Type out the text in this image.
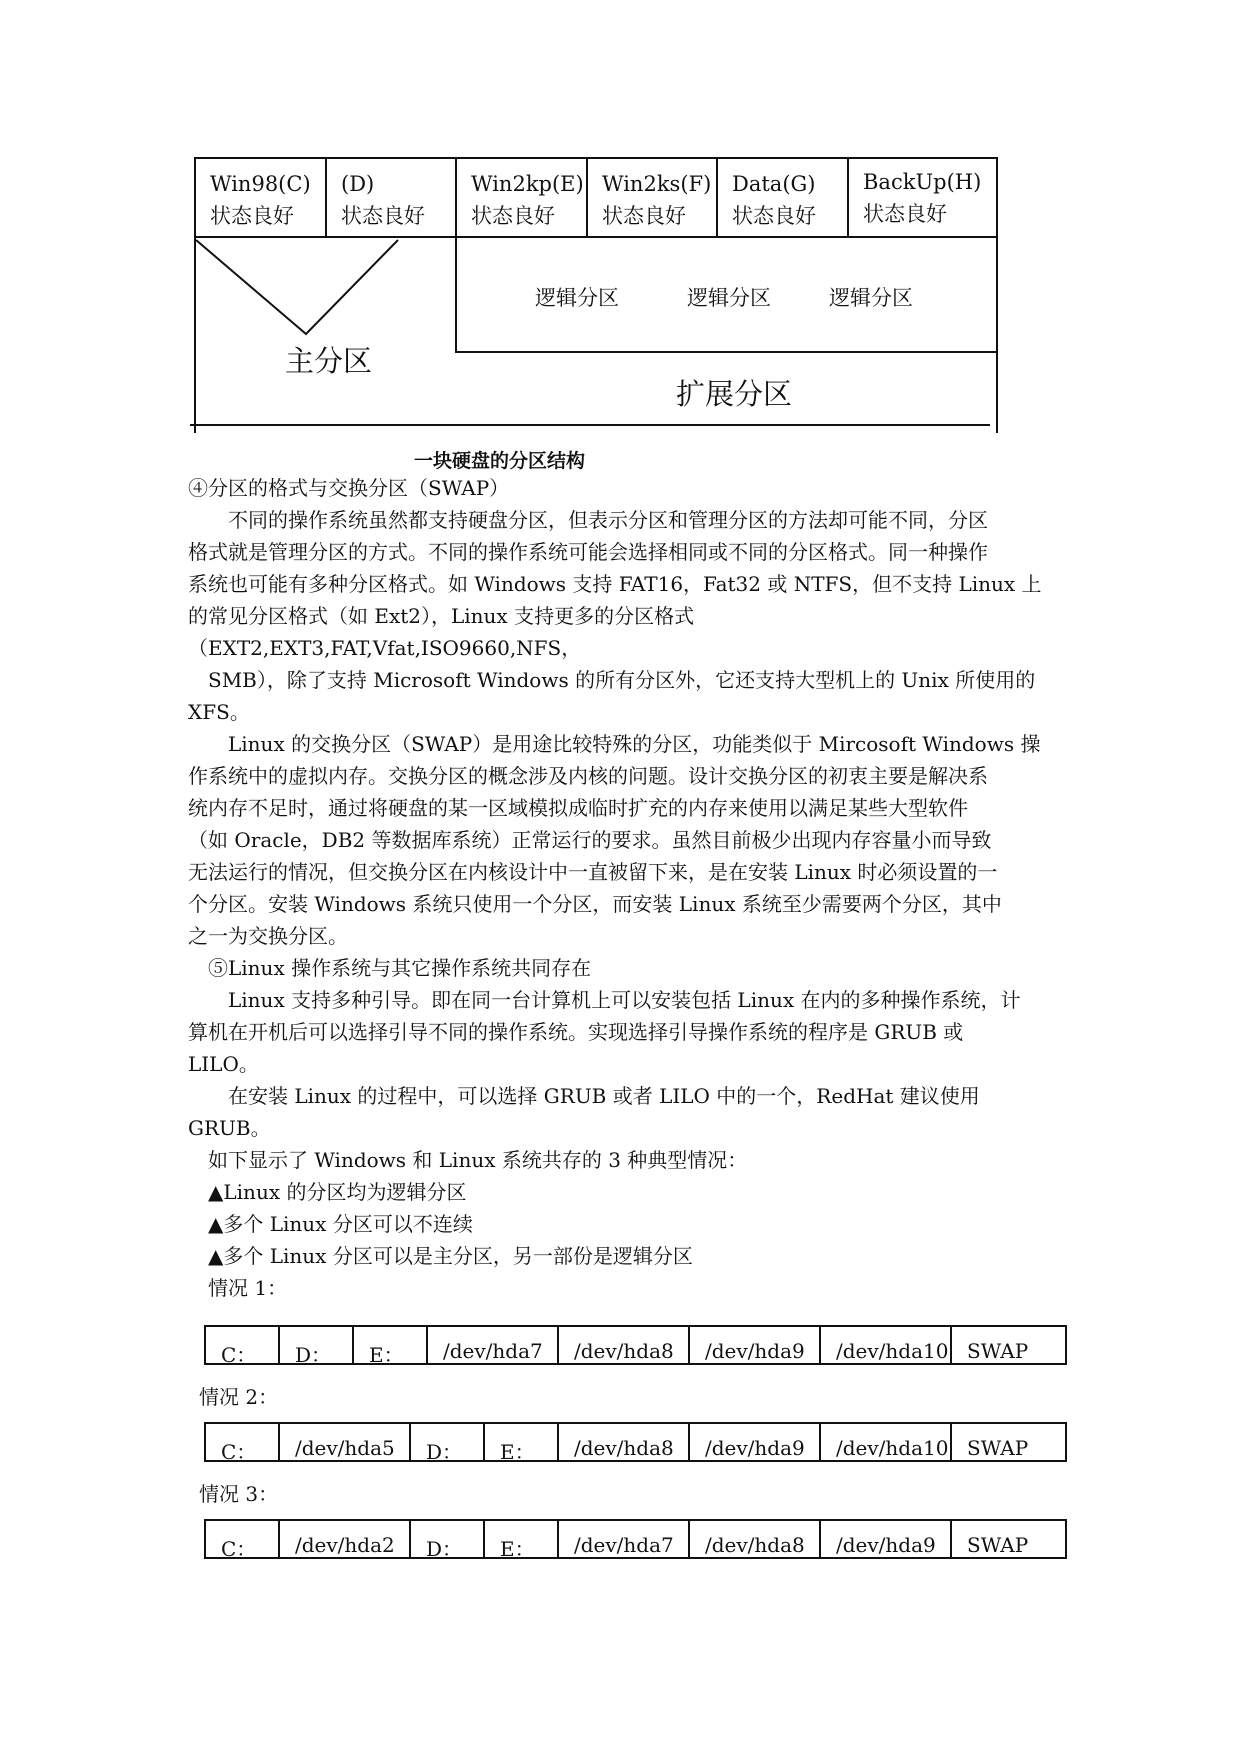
Win98(C)
状态良好
(D)
状态良好
Win2kp(E)
状态良好
Win2ks(F)
状态良好
Data(G)
状态良好
BackUp(H)
状态良好
逻辑分区	逻辑分区	逻辑分区
主分区
扩展分区
一块硬盘的分区结构
④分区的格式与交换分区（SWAP）
　　不同的操作系统虽然都支持硬盘分区，但表示分区和管理分区的方法却可能不同，分区
格式就是管理分区的方式。不同的操作系统可能会选择相同或不同的分区格式。同一种操作
系统也可能有多种分区格式。如 Windows 支持 FAT16，Fat32 或 NTFS，但不支持 Linux 上
的常见分区格式（如 Ext2），Linux 支持更多的分区格式
（EXT2,EXT3,FAT,Vfat,ISO9660,NFS，
　SMB），除了支持 Microsoft Windows 的所有分区外，它还支持大型机上的 Unix 所使用的
XFS。
　　Linux 的交换分区（SWAP）是用途比较特殊的分区，功能类似于 Mircosoft Windows 操
作系统中的虚拟内存。交换分区的概念涉及内核的问题。设计交换分区的初衷主要是解决系
统内存不足时，通过将硬盘的某一区域模拟成临时扩充的内存来使用以满足某些大型软件
（如 Oracle，DB2 等数据库系统）正常运行的要求。虽然目前极少出现内存容量小而导致
无法运行的情况，但交换分区在内核设计中一直被留下来，是在安装 Linux 时必须设置的一
个分区。安装 Windows 系统只使用一个分区，而安装 Linux 系统至少需要两个分区，其中
之一为交换分区。
　⑤Linux 操作系统与其它操作系统共同存在
　　Linux 支持多种引导。即在同一台计算机上可以安装包括 Linux 在内的多种操作系统，计
算机在开机后可以选择引导不同的操作系统。实现选择引导操作系统的程序是 GRUB 或
LILO。
　　在安装 Linux 的过程中，可以选择 GRUB 或者 LILO 中的一个，RedHat 建议使用
GRUB。
　如下显示了 Windows 和 Linux 系统共存的 3 种典型情况：
　▲Linux 的分区均为逻辑分区
　▲多个 Linux 分区可以不连续
　▲多个 Linux 分区可以是主分区，另一部份是逻辑分区
　情况 1：
C：	D：	E：	/dev/hda7	/dev/hda8	/dev/hda9	/dev/hda10 SWAP
情况 2：
C：	/dev/hda5	D：	E：	/dev/hda8	/dev/hda9	/dev/hda10 SWAP
情况 3：
C：	/dev/hda2	D：	E：	/dev/hda7	/dev/hda8	/dev/hda9	SWAP
